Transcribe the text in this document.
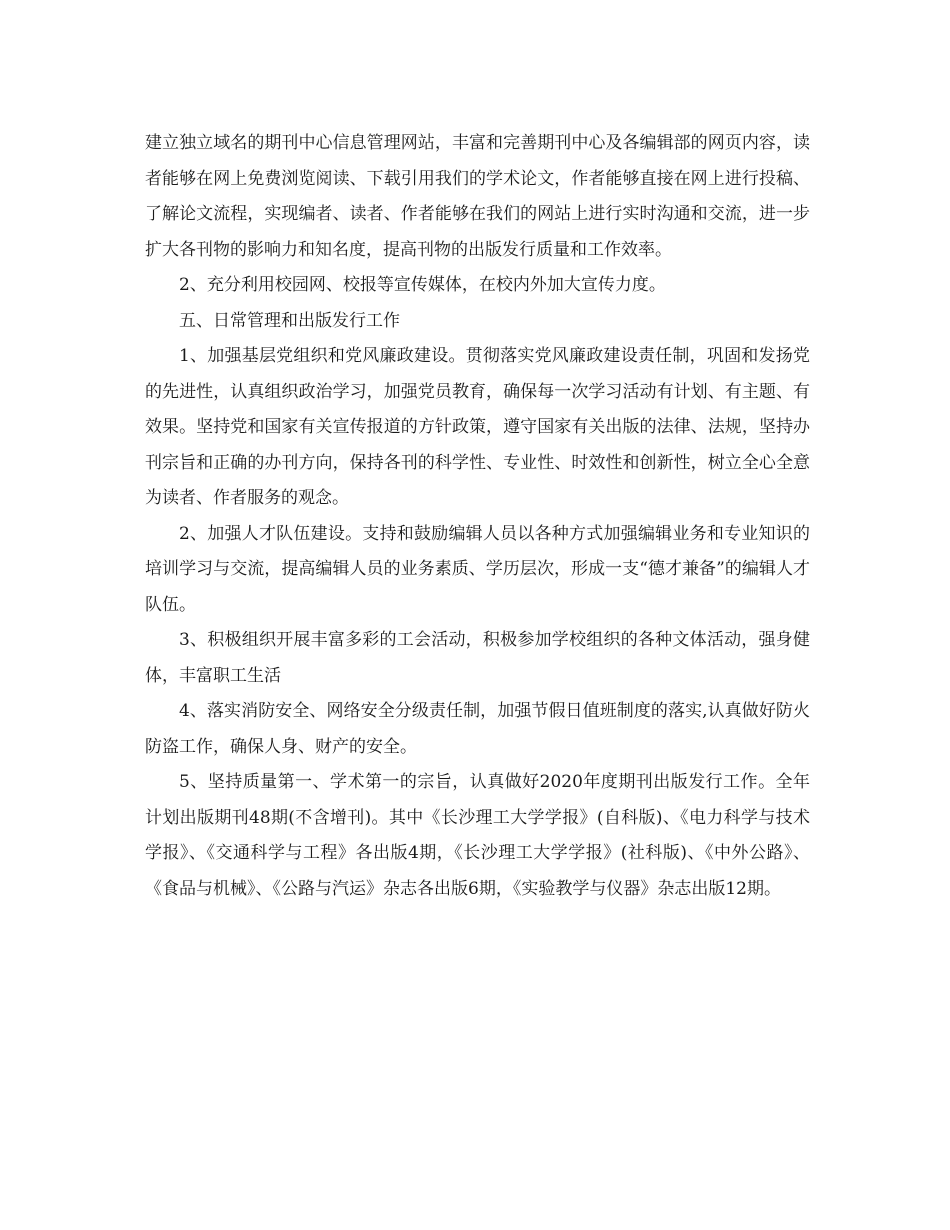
建立独立域名的期刊中心信息管理网站，丰富和完善期刊中心及各编辑部的网页内容，读者能够在网上免费浏览阅读、下载引用我们的学术论文，作者能够直接在网上进行投稿、了解论文流程，实现编者、读者、作者能够在我们的网站上进行实时沟通和交流，进一步扩大各刊物的影响力和知名度，提高刊物的出版发行质量和工作效率。

2、充分利用校园网、校报等宣传媒体，在校内外加大宣传力度。

五、日常管理和出版发行工作

1、加强基层党组织和党风廉政建设。贯彻落实党风廉政建设责任制，巩固和发扬党的先进性，认真组织政治学习，加强党员教育，确保每一次学习活动有计划、有主题、有效果。坚持党和国家有关宣传报道的方针政策，遵守国家有关出版的法律、法规，坚持办刊宗旨和正确的办刊方向，保持各刊的科学性、专业性、时效性和创新性，树立全心全意为读者、作者服务的观念。

2、加强人才队伍建设。支持和鼓励编辑人员以各种方式加强编辑业务和专业知识的培训学习与交流，提高编辑人员的业务素质、学历层次，形成一支“德才兼备”的编辑人才队伍。

3、积极组织开展丰富多彩的工会活动，积极参加学校组织的各种文体活动，强身健体，丰富职工生活

4、落实消防安全、网络安全分级责任制，加强节假日值班制度的落实,认真做好防火防盗工作，确保人身、财产的安全。

5、坚持质量第一、学术第一的宗旨，认真做好2020年度期刊出版发行工作。全年计划出版期刊48期(不含增刊)。其中《长沙理工大学学报》(自科版)、《电力科学与技术学报》、《交通科学与工程》各出版4期，《长沙理工大学学报》(社科版)、《中外公路》、《食品与机械》、《公路与汽运》杂志各出版6期，《实验教学与仪器》杂志出版12期。
